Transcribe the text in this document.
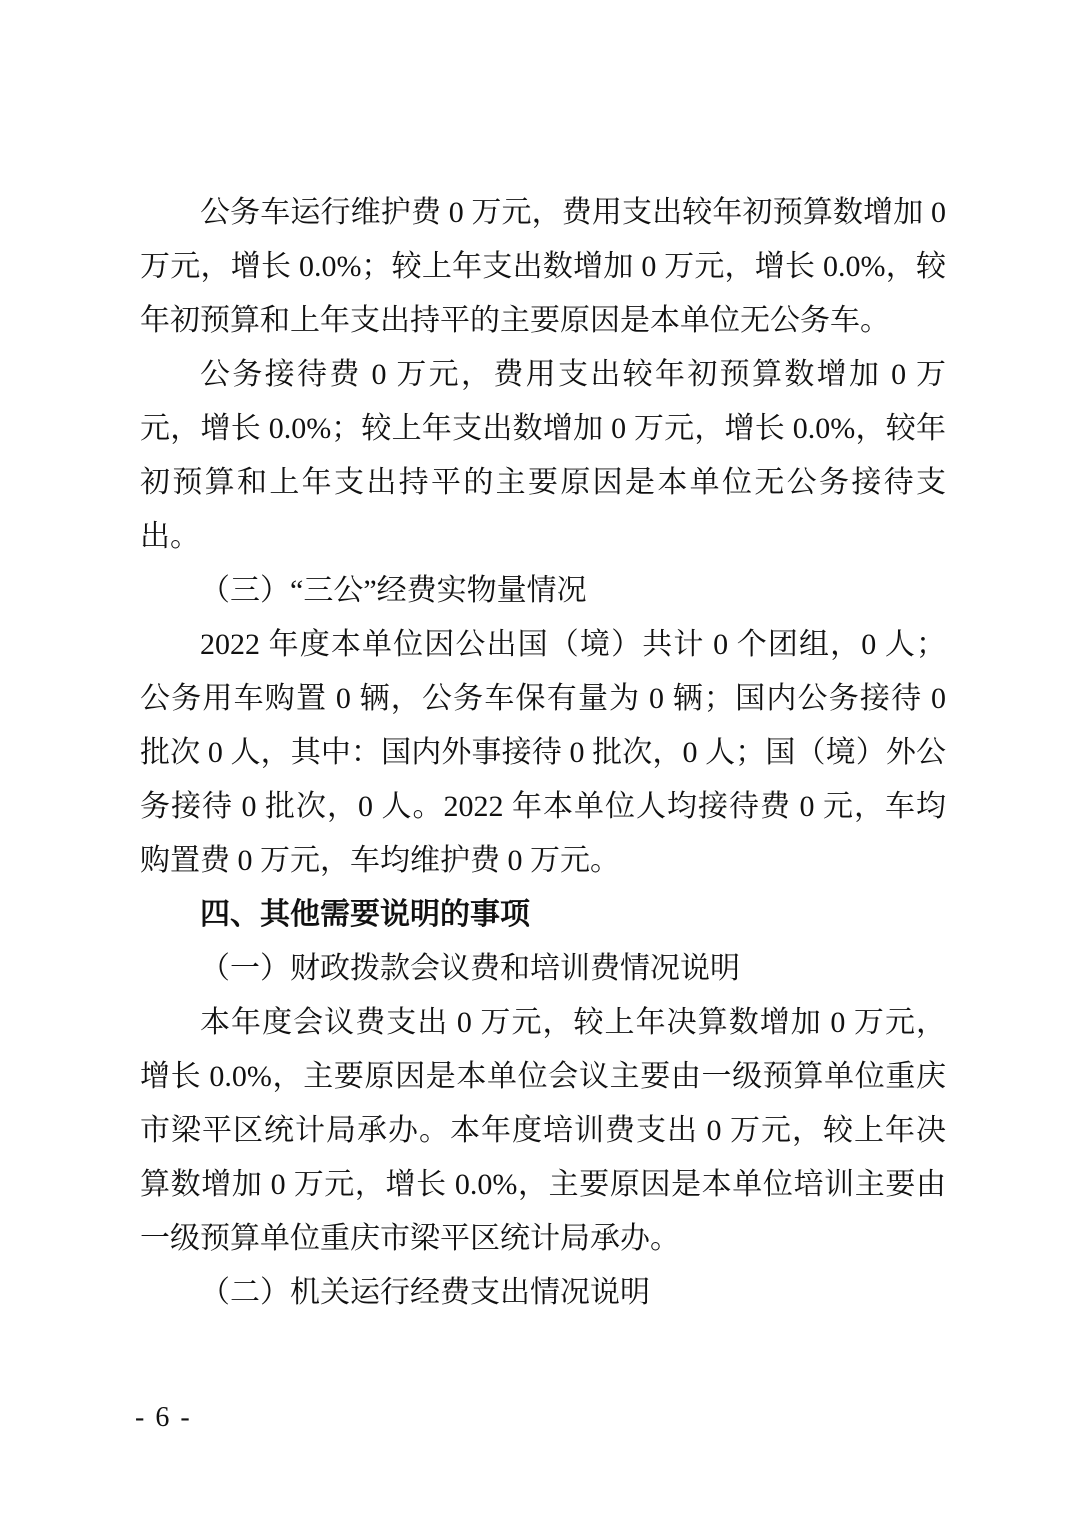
公务车运行维护费 0 万元，费用支出较年初预算数增加 0 万元，增长 0.0%；较上年支出数增加 0 万元，增长 0.0%，较年初预算和上年支出持平的主要原因是本单位无公务车。

公务接待费 0 万元，费用支出较年初预算数增加 0 万元，增长 0.0%；较上年支出数增加 0 万元，增长 0.0%，较年初预算和上年支出持平的主要原因是本单位无公务接待支出。

（三）“三公”经费实物量情况

2022 年度本单位因公出国（境）共计 0 个团组，0 人；公务用车购置 0 辆，公务车保有量为 0 辆；国内公务接待 0 批次 0 人，其中：国内外事接待 0 批次，0 人；国（境）外公务接待 0 批次，0 人。2022 年本单位人均接待费 0 元，车均购置费 0 万元，车均维护费 0 万元。

四、其他需要说明的事项

（一）财政拨款会议费和培训费情况说明

本年度会议费支出 0 万元，较上年决算数增加 0 万元，增长 0.0%，主要原因是本单位会议主要由一级预算单位重庆市梁平区统计局承办。本年度培训费支出 0 万元，较上年决算数增加 0 万元，增长 0.0%，主要原因是本单位培训主要由一级预算单位重庆市梁平区统计局承办。

（二）机关运行经费支出情况说明

- 6 -
